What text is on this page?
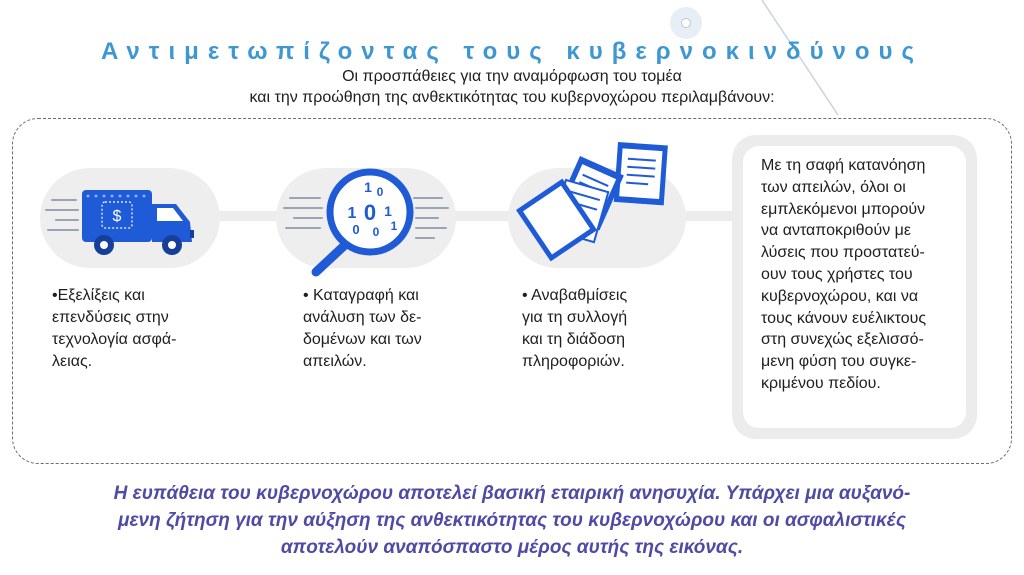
Αντιμετωπίζοντας τους κυβερνοκινδύνους
Οι προσπάθειες για την αναμόρφωση του τομέα
και την προώθηση της ανθεκτικότητας του κυβερνοχώρου περιλαμβάνουν:
$
•Εξελίξεις και
επενδύσεις στην
τεχνολογία ασφά-
λειας.
1 0
1 0 1
0 0 1
• Καταγραφή και
ανάλυση των δε-
δομένων και των
απειλών.
• Αναβαθμίσεις
για τη συλλογή
και τη διάδοση
πληροφοριών.
Με τη σαφή κατανόηση
των απειλών, όλοι οι
εμπλεκόμενοι μπορούν
να ανταποκριθούν με
λύσεις που προστατεύ-
ουν τους χρήστες του
κυβερνοχώρου, και να
τους κάνουν ευέλικτους
στη συνεχώς εξελισσό-
μενη φύση του συγκε-
κριμένου πεδίου.
Η ευπάθεια του κυβερνοχώρου αποτελεί βασική εταιρική ανησυχία. Υπάρχει μια αυξανό-
μενη ζήτηση για την αύξηση της ανθεκτικότητας του κυβερνοχώρου και οι ασφαλιστικές
αποτελούν αναπόσπαστο μέρος αυτής της εικόνας.
